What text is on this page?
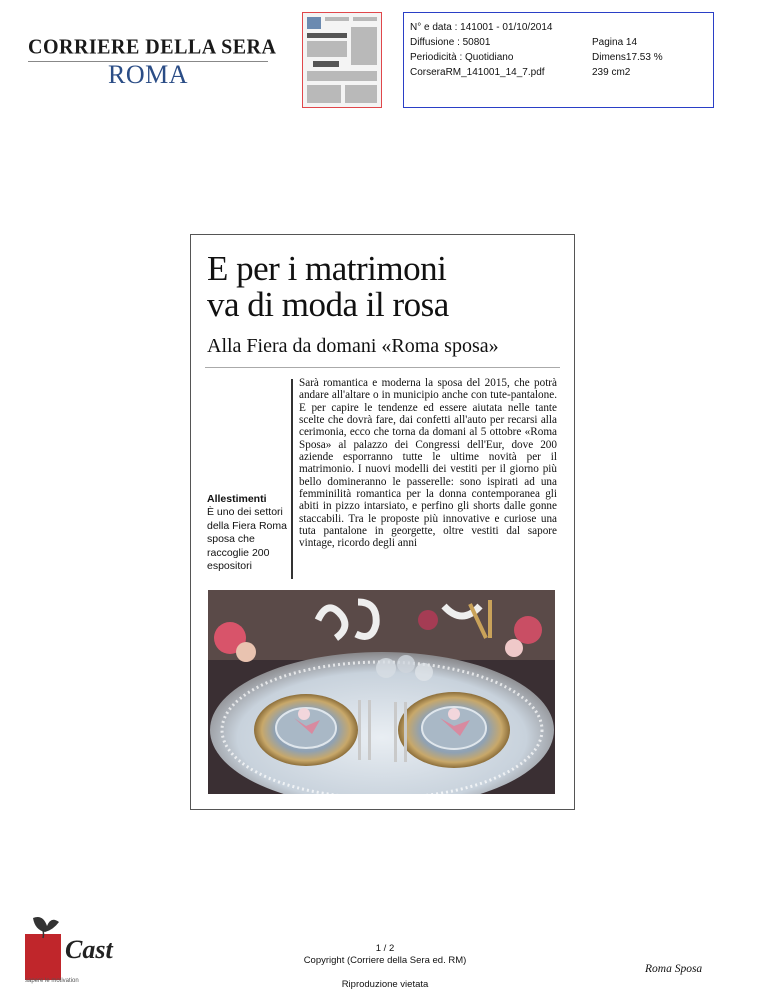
CORRIERE DELLA SERA
ROMA
N° e data : 141001 - 01/10/2014
Diffusione : 50801
Periodicità : Quotidiano
CorseraRM_141001_14_7.pdf
Pagina 14
Dimens17.53 %
239 cm2
E per i matrimoni
va di moda il rosa
Alla Fiera da domani «Roma sposa»
Allestimenti
È uno dei settori della Fiera Roma sposa che raccoglie 200 espositori
Sarà romantica e moderna la sposa del 2015, che potrà andare all'altare o in municipio anche con tute-pantalone. E per capire le tendenze ed essere aiutata nelle tante scelte che dovrà fare, dai confetti all'auto per recarsi alla cerimonia, ecco che torna da domani al 5 ottobre «Roma Sposa» al palazzo dei Congressi dell'Eur, dove 200 aziende esporranno tutte le ultime novità per il matrimonio. I nuovi modelli dei vestiti per il giorno più bello domineranno le passerelle: sono ispirati ad una femminilità romantica per la donna contemporanea gli abiti in pizzo intarsiato, e perfino gli shorts dalle gonne staccabili. Tra le proposte più innovative e curiose una tuta pantalone in georgette, oltre vestiti dal sapore vintage, ricordo degli anni
Cast
sapere le motivation
1 / 2
Copyright (Corriere della Sera ed. RM)
Riproduzione vietata
Roma Sposa
